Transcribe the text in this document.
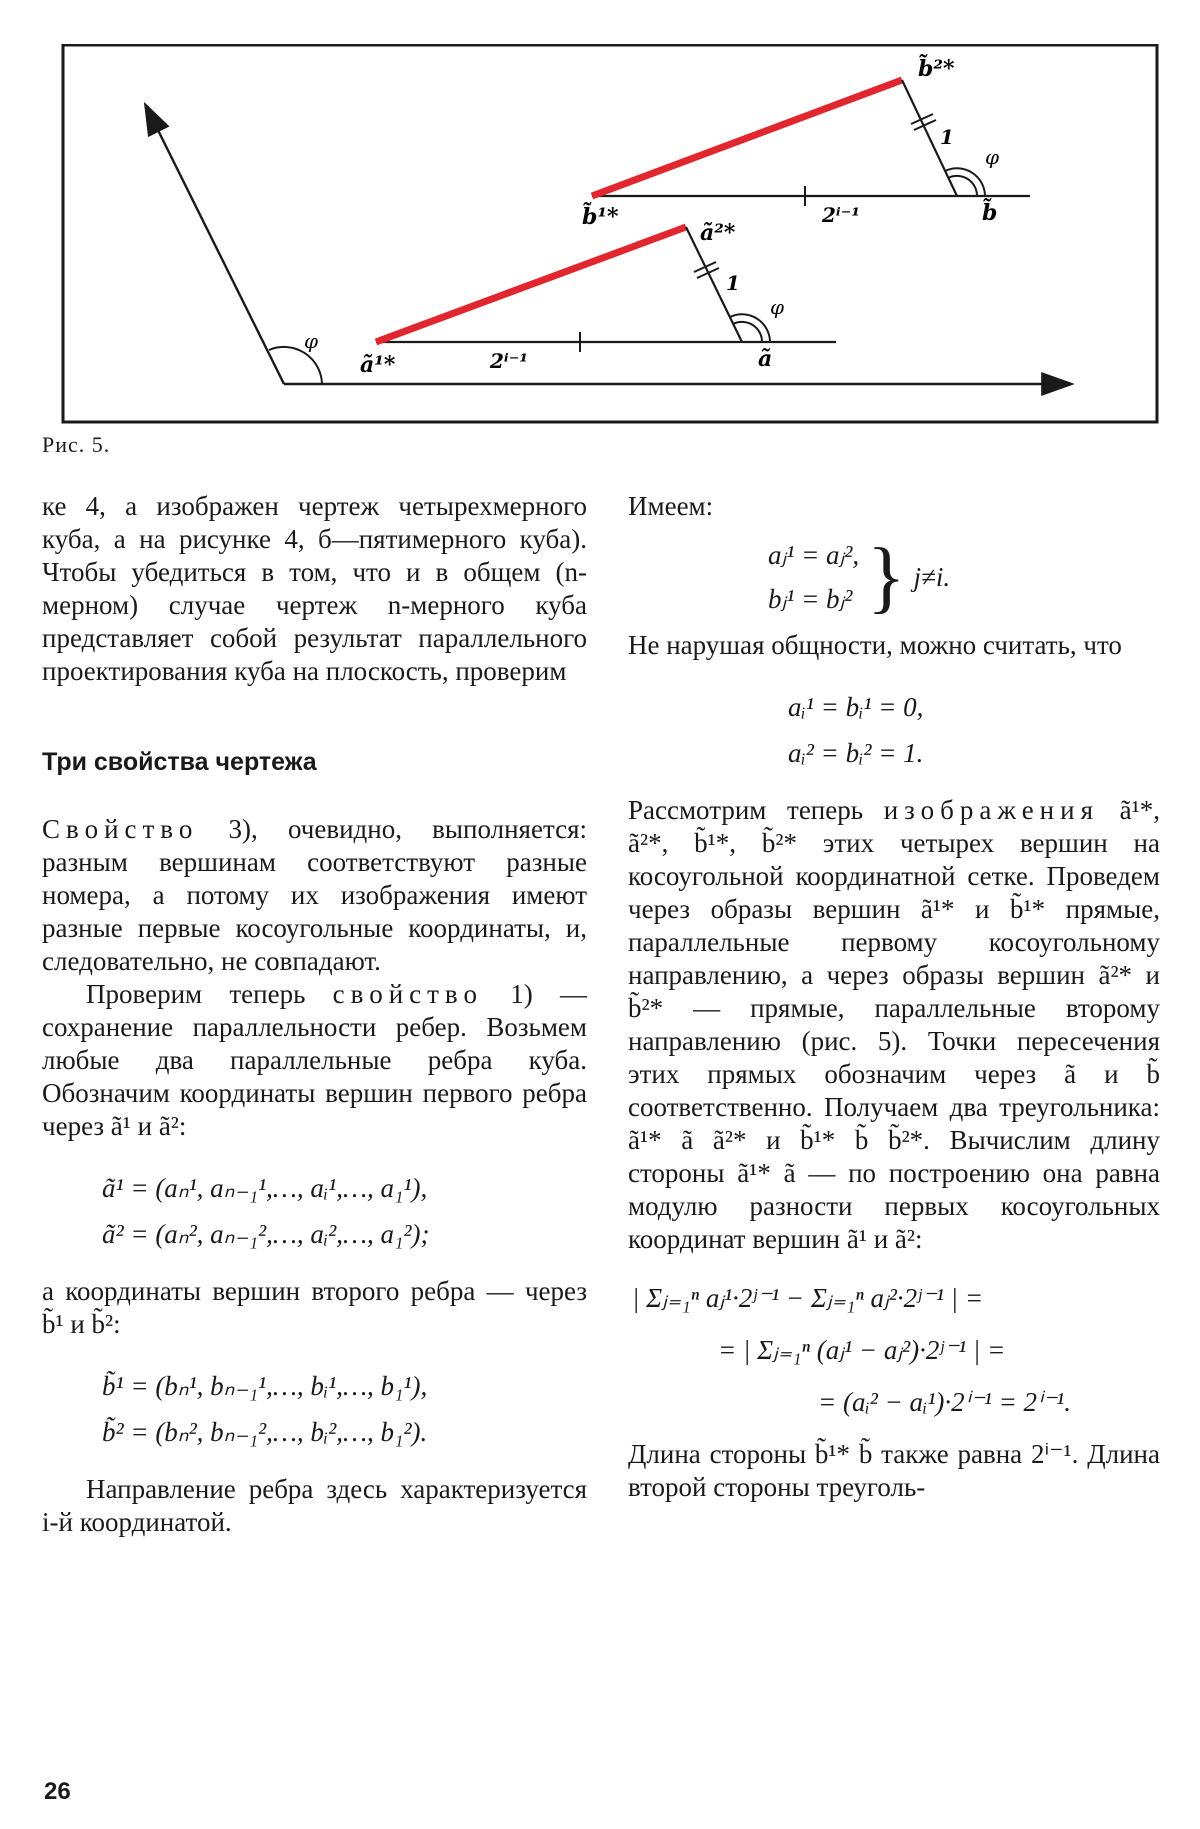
φ
ã¹*	2ⁱ⁻¹
ã²*
1
φ
ã
b̃¹*	2ⁱ⁻¹
b̃²*
1
φ
b̃
Рис. 5.

ке 4, а изображен чертеж четырехмерного куба, а на рисунке 4, б—пятимерного куба). Чтобы убедиться в том, что и в общем (n-мерном) случае чертеж n-мерного куба представляет собой результат параллельного проектирования куба на плоскость, проверим

Три свойства чертежа

Свойство 3), очевидно, выполняется: разным вершинам соответствуют разные номера, а потому их изображения имеют разные первые косоугольные координаты, и, следовательно, не совпадают.

Проверим теперь свойство 1) — сохранение параллельности ребер. Возьмем любые два параллельные ребра куба. Обозначим координаты вершин первого ребра через ã¹ и ã²:

ã¹ = (aₙ¹, aₙ₋₁¹,…, aᵢ¹,…, a₁¹),
ã² = (aₙ², aₙ₋₁²,…, aᵢ²,…, a₁²);

а координаты вершин второго ребра — через b̃¹ и b̃²:

b̃¹ = (bₙ¹, bₙ₋₁¹,…, bᵢ¹,…, b₁¹),
b̃² = (bₙ², bₙ₋₁²,…, bᵢ²,…, b₁²).

Направление ребра здесь характеризуется i-й координатой.

Имеем:

aⱼ¹ = aⱼ²,
bⱼ¹ = bⱼ² } j≠i.

Не нарушая общности, можно считать, что

aᵢ¹ = bᵢ¹ = 0,
aᵢ² = bᵢ² = 1.

Рассмотрим теперь изображения ã¹*, ã²*, b̃¹*, b̃²* этих четырех вершин на косоугольной координатной сетке. Проведем через образы вершин ã¹* и b̃¹* прямые, параллельные первому косоугольному направлению, а через образы вершин ã²* и b̃²* — прямые, параллельные второму направлению (рис. 5). Точки пересечения этих прямых обозначим через ã и b̃ соответственно. Получаем два треугольника: ã¹* ã ã²* и b̃¹* b̃ b̃²*. Вычислим длину стороны ã¹* ã — по построению она равна модулю разности первых косоугольных координат вершин ã¹ и ã²:

| Σⱼ₌₁ⁿ aⱼ¹·2ʲ⁻¹ − Σⱼ₌₁ⁿ aⱼ²·2ʲ⁻¹ | =
= | Σⱼ₌₁ⁿ (aⱼ¹ − aⱼ²)·2ʲ⁻¹ | =
= (aᵢ² − aᵢ¹)·2ⁱ⁻¹ = 2ⁱ⁻¹.

Длина стороны b̃¹* b̃ также равна 2ⁱ⁻¹. Длина второй стороны треуголь-

26
